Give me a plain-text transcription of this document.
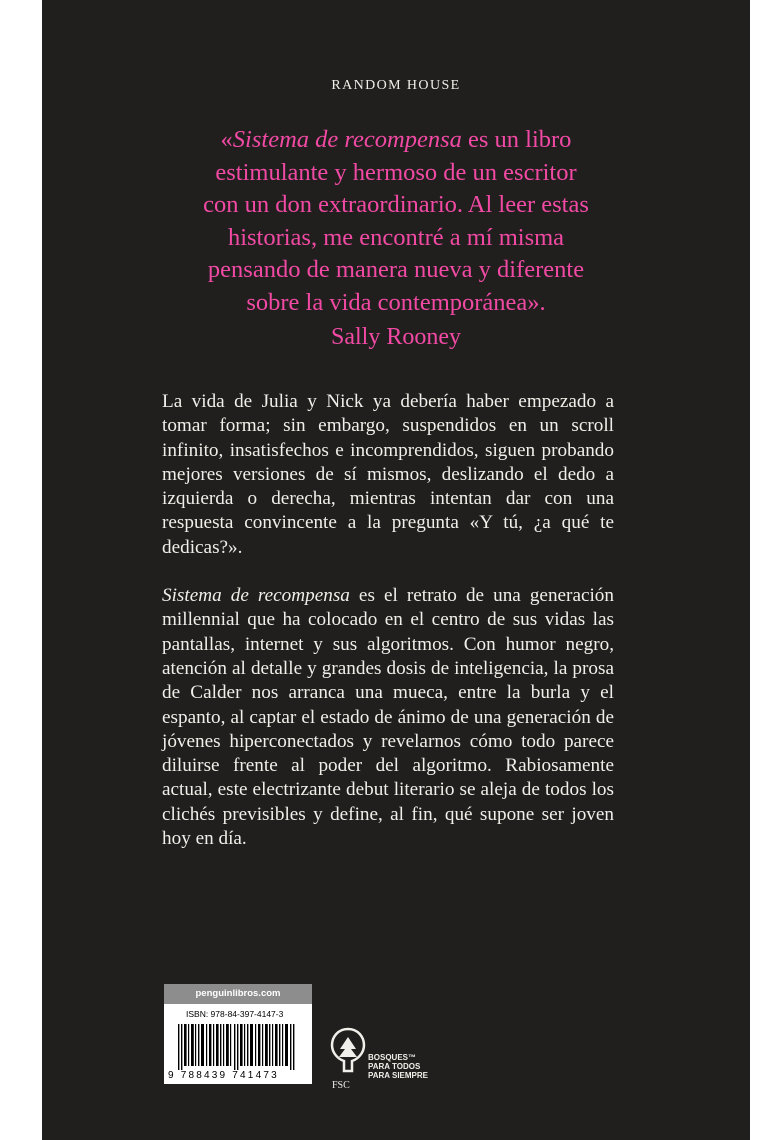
RANDOM HOUSE
«Sistema de recompensa es un libro
estimulante y hermoso de un escritor
con un don extraordinario. Al leer estas
historias, me encontré a mí misma
pensando de manera nueva y diferente
sobre la vida contemporánea».
Sally Rooney

La vida de Julia y Nick ya debería haber empezado a tomar forma; sin embargo, suspendidos en un scroll infinito, insatisfechos e incomprendidos, siguen probando mejores versiones de sí mismos, deslizando el dedo a izquierda o derecha, mientras intentan dar con una respuesta convincente a la pregunta «Y tú, ¿a qué te dedicas?».

Sistema de recompensa es el retrato de una generación millennial que ha colocado en el centro de sus vidas las pantallas, internet y sus algoritmos. Con humor negro, atención al detalle y grandes dosis de inteligencia, la prosa de Calder nos arranca una mueca, entre la burla y el espanto, al captar el estado de ánimo de una generación de jóvenes hiperconectados y revelarnos cómo todo parece diluirse frente al poder del algoritmo. Rabiosamente actual, este electrizante debut literario se aleja de todos los clichés previsibles y define, al fin, qué supone ser joven hoy en día.

penguinlibros.com
ISBN: 978-84-397-4147-3
9 788439 741473
FSC
BOSQUES™
PARA TODOS
PARA SIEMPRE
